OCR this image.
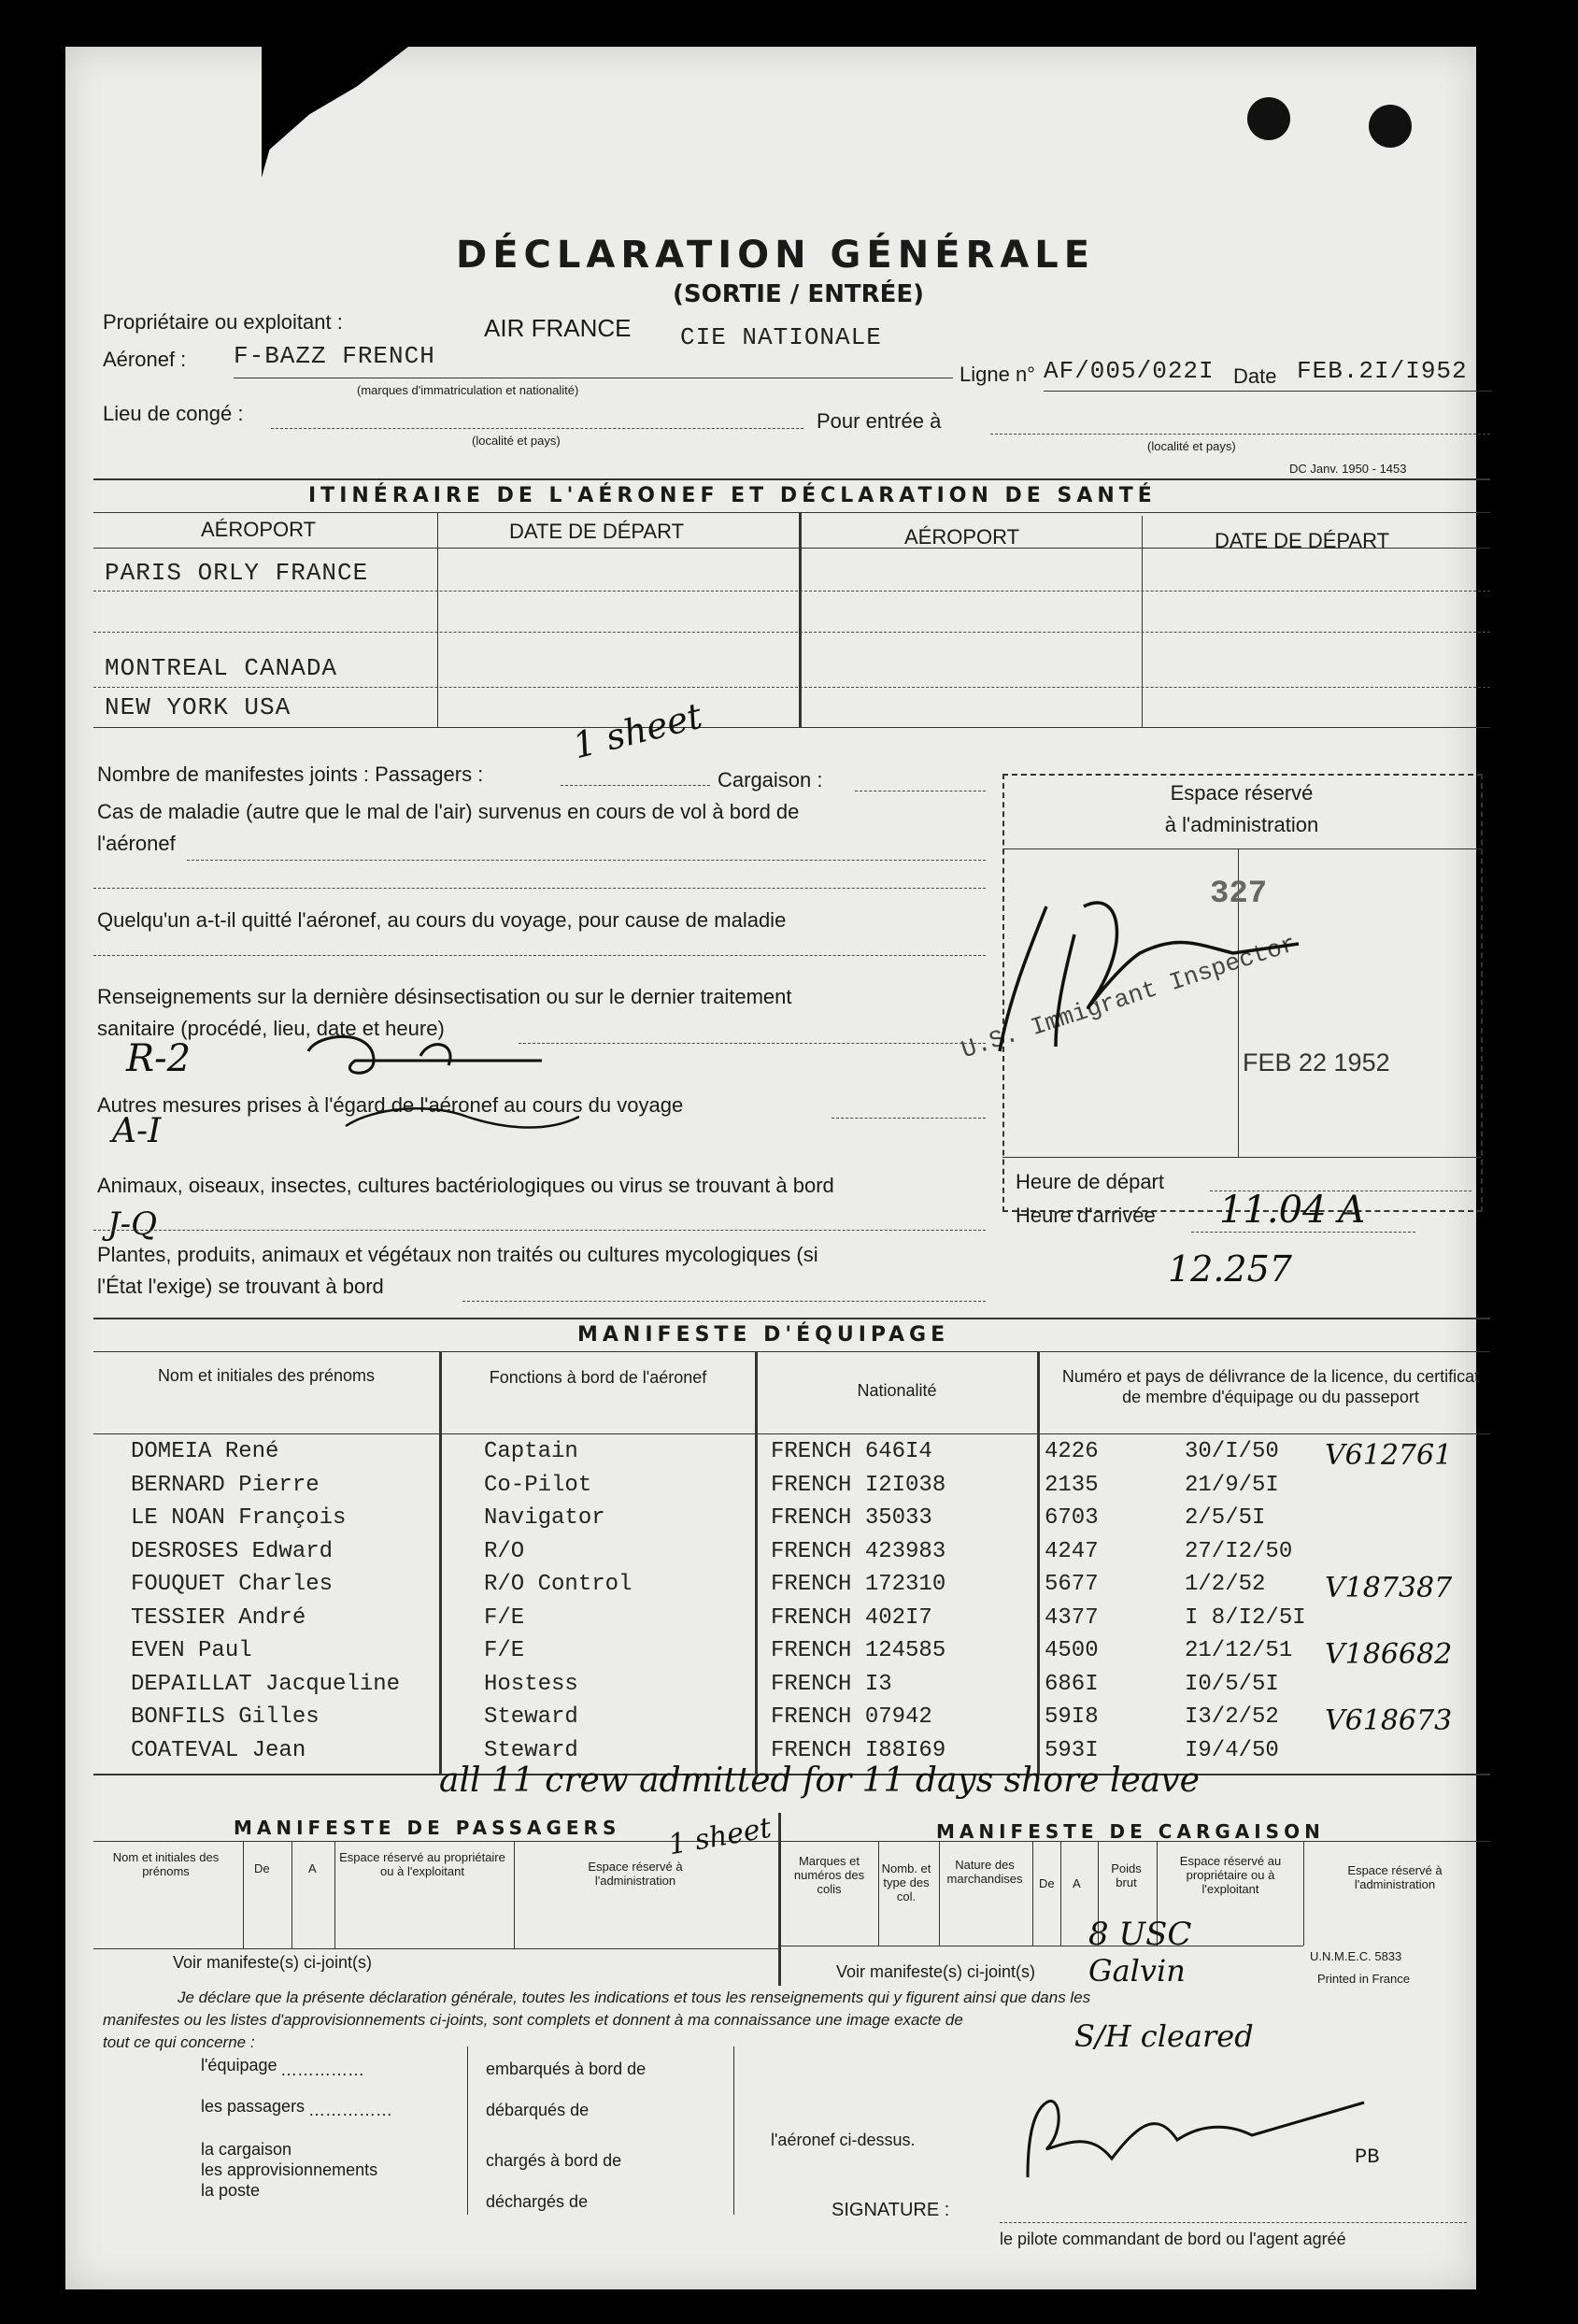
DÉCLARATION GÉNÉRALE
(SORTIE / ENTRÉE)
Propriétaire ou exploitant :	AIR FRANCE CIE NATIONALE
Aéronef : F-BAZZ FRENCH
(marques d'immatriculation et nationalité)
Ligne n° AF/005/022I Date FEB.2I/I952
Lieu de congé :
(localité et pays)
Pour entrée à
(localité et pays)
DC Janv. 1950 - 1453
ITINÉRAIRE DE L'AÉRONEF ET DÉCLARATION DE SANTÉ
AÉROPORT	DATE DE DÉPART	AÉROPORT	DATE DE DÉPART
PARIS ORLY FRANCE
MONTREAL CANADA
NEW YORK USA
Nombre de manifestes joints : Passagers :
1 sheet
Cargaison :
Cas de maladie (autre que le mal de l'air) survenus en cours de vol à bord de
l'aéronef
Quelqu'un a-t-il quitté l'aéronef, au cours du voyage, pour cause de maladie
Renseignements sur la dernière désinsectisation ou sur le dernier traitement
sanitaire (procédé, lieu, date et heure)
R-2
Autres mesures prises à l'égard de l'aéronef au cours du voyage
A-I
Animaux, oiseaux, insectes, cultures bactériologiques ou virus se trouvant à bord
J-Q
Plantes, produits, animaux et végétaux non traités ou cultures mycologiques (si
l'État l'exige) se trouvant à bord
Espace réservé
à l'administration
327
U.S. Immigrant Inspector
FEB 22 1952
Heure de départ
Heure d'arrivée 11.04 A
12.257
MANIFESTE D'ÉQUIPAGE
Nom et initiales des prénoms	Fonctions à bord de l'aéronef
Nationalité
Numéro et pays de délivrance de la licence, du certificat de membre d'équipage ou du passeport
DOMEIA René	Captain	FRENCH 646I4	4226	30/I/50 V612761
BERNARD Pierre	Co-Pilot	FRENCH I2I038	2135	21/9/5I
LE NOAN François	Navigator	FRENCH 35033	6703	2/5/5I
DESROSES Edward	R/O	FRENCH 423983	4247	27/I2/50
FOUQUET Charles	R/O Control	FRENCH 172310	5677	1/2/52 V187387
TESSIER André	F/E	FRENCH 402I7	4377	I 8/I2/5I
EVEN Paul	F/E	FRENCH 124585	4500	21/12/51 V186682
DEPAILLAT Jacqueline	Hostess	FRENCH I3	686I	I0/5/5I
BONFILS Gilles	Steward	FRENCH 07942	59I8	I3/2/52 V618673
COATEVAL Jean	Steward	FRENCH I88I69	593I	I9/4/50
all 11 crew admitted for 11 days shore leave
MANIFESTE DE PASSAGERS	MANIFESTE DE CARGAISON
Nom et initiales des prénoms	De	A
Espace réservé au propriétaire ou à l'exploitant	Espace réservé à l'administration
1 sheet
Voir manifeste(s) ci-joint(s)
Marques et numéros des colis
Nomb. et type des col.
Nature des marchandises	De A
Poids brut
Espace réservé au propriétaire ou à l'exploitant
Espace réservé à l'administration
U.N.M.E.C. 5833
Printed in France
Voir manifeste(s) ci-joint(s)
8 USC
Galvin
S/H cleared
Je déclare que la présente déclaration générale, toutes les indications et tous les renseignements qui y figurent ainsi que dans les
manifestes ou les listes d'approvisionnements ci-joints, sont complets et donnent à ma connaissance une image exacte de
tout ce qui concerne :
l'équipage ……………	embarqués à bord de
les passagers ……………	débarqués de
la cargaison
les approvisionnements
la poste
chargés à bord de
déchargés de
l'aéronef ci-dessus.
PB
SIGNATURE :
le pilote commandant de bord ou l'agent agréé
